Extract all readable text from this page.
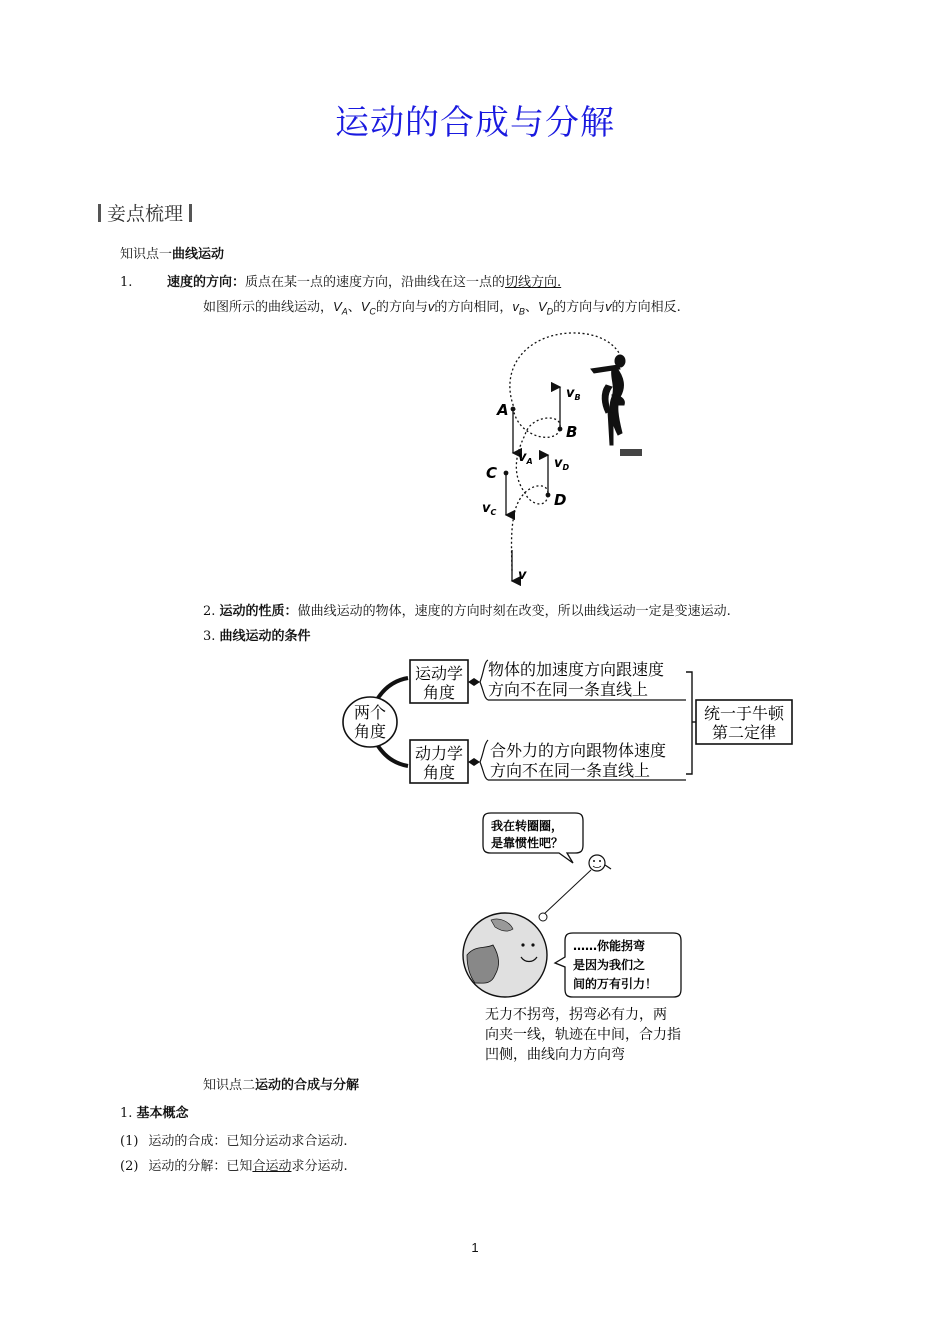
运动的合成与分解
妾点梳理
知识点一曲线运动
1.	速度的方向：质点在某一点的速度方向，沿曲线在这一点的切线方向.
如图所示的曲线运动，$V_A$、$V_C$的方向与v的方向相同，$v_B$、$V_D$的方向与v的方向相反.
A
B
C
D
$v_B$
$v_A$ $v_D$
$v_C$
v
2. 运动的性质：做曲线运动的物体，速度的方向时刻在改变，所以曲线运动一定是变速运动.
3. 曲线运动的条件
两个
角度
运动学
角度
动力学
角度
物体的加速度方向跟速度
方向不在同一条直线上
合外力的方向跟物体速度
方向不在同一条直线上
统一于牛顿
第二定律
我在转圈圈，
是靠惯性吧？
……你能拐弯
是因为我们之
间的万有引力！
无力不拐弯，拐弯必有力，两
向夹一线，轨迹在中间，合力指
凹侧，曲线向力方向弯
知识点二运动的合成与分解
1. 基本概念
(1) 运动的合成：已知分运动求合运动.
(2) 运动的分解：已知合运动求分运动.
1
